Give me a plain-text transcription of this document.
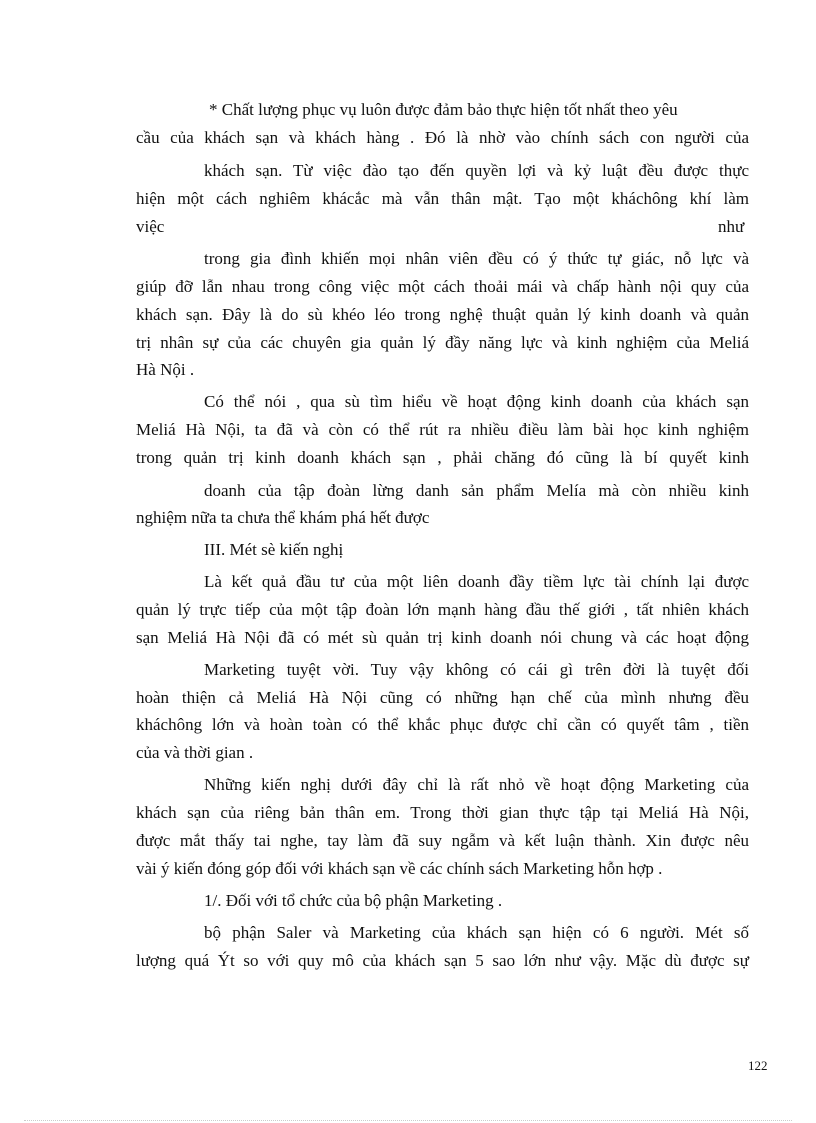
* Chất lượng phục vụ luôn được đảm bảo thực hiện tốt nhất theo yêu
cầu của khách sạn và khách hàng . Đó là nhờ vào chính sách con người của
khách sạn. Từ việc đào tạo đến quyền lợi và kỷ luật đều được thực
hiện một cách nghiêm khácắc mà vẫn thân mật. Tạo một kháchông khí làm
việc	như
trong gia đình khiến mọi nhân viên đều có ý thức tự giác, nỗ lực và
giúp đỡ lẫn nhau trong công việc một cách thoải mái và chấp hành nội quy của
khách sạn. Đây là do sù khéo léo trong nghệ thuật quản lý kinh doanh và quản
trị nhân sự của các chuyên gia quản lý đầy năng lực và kinh nghiệm của Meliá
Hà Nội .
Có thể nói , qua sù tìm hiểu về hoạt động kinh doanh của khách sạn
Meliá Hà Nội, ta đã và còn có thể rút ra nhiều điều làm bài học kinh nghiệm
trong quản trị kinh doanh khách sạn , phải chăng đó cũng là bí quyết kinh
doanh của tập đoàn lừng danh sản phẩm Melía mà còn nhiều kinh
nghiệm nữa ta chưa thể khám phá hết được
III. Mét sè kiến nghị
Là kết quả đầu tư của một liên doanh đầy tiềm lực tài chính lại được
quản lý trực tiếp của một tập đoàn lớn mạnh hàng đầu thế giới , tất nhiên khách
sạn Meliá Hà Nội đã có mét sù quản trị kinh doanh nói chung và các hoạt động
Marketing tuyệt vời. Tuy vậy không có cái gì trên đời là tuyệt đối
hoàn thiện cả Meliá Hà Nội cũng có những hạn chế của mình nhưng đều
kháchông lớn và hoàn toàn có thể khắc phục được chỉ cần có quyết tâm , tiền
của và thời gian .
Những kiến nghị dưới đây chỉ là rất nhỏ về hoạt động Marketing của
khách sạn của riêng bản thân em. Trong thời gian thực tập tại Meliá Hà Nội,
được mắt thấy tai nghe, tay làm đã suy ngẫm và kết luận thành. Xin được nêu
vài ý kiến đóng góp đối với khách sạn về các chính sách Marketing hỗn hợp .
1/. Đối với tổ chức của bộ phận Marketing .
bộ phận Saler và Marketing của khách sạn hiện có 6 người. Mét số
lượng quá Ýt so với quy mô của khách sạn 5 sao lớn như vậy. Mặc dù được sự
122
